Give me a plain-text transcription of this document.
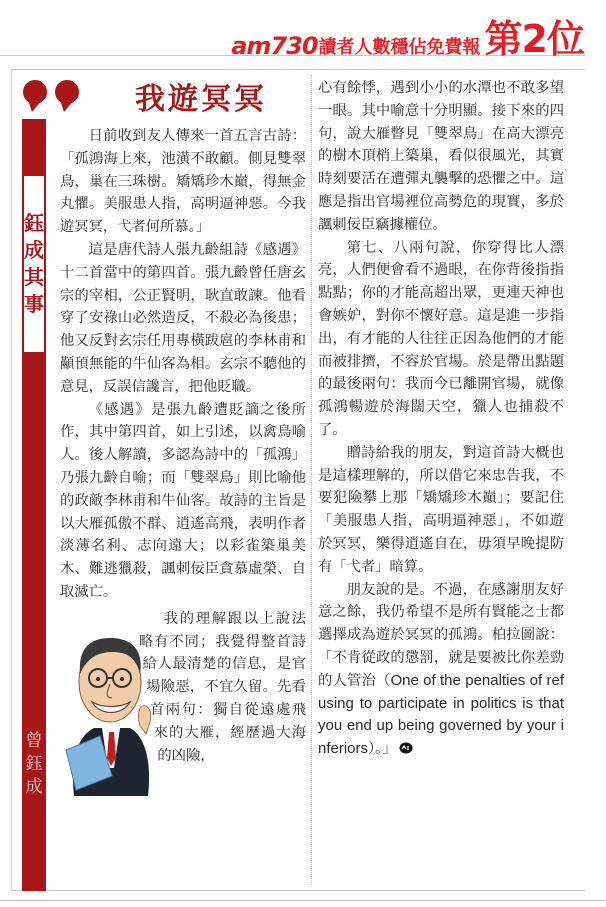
am730 讀者人數穩佔免費報 第2位
鈺
成
其
事
曾
鈺
成
我遊冥冥

日前收到友人傳來一首五言古詩：「孤鴻海上來，池潢不敢顧。側見雙翠鳥，巢在三珠樹。矯矯珍木巔，得無金丸懼。美服患人指，高明逼神惡。今我遊冥冥，弋者何所慕。」

這是唐代詩人張九齡組詩《感遇》十二首當中的第四首。張九齡曾任唐玄宗的宰相，公正賢明，耿直敢諫。他看穿了安祿山必然造反，不殺必為後患；他又反對玄宗任用專橫跋扈的李林甫和顢頇無能的牛仙客為相。玄宗不聽他的意見，反誤信讒言，把他貶職。

《感遇》是張九齡遭貶謫之後所作，其中第四首，如上引述，以禽鳥喻人。後人解讀，多認為詩中的「孤鴻」乃張九齡自喻；而「雙翠鳥」則比喻他的政敵李林甫和牛仙客。故詩的主旨是以大雁孤傲不群、逍遙高飛，表明作者淡薄名利、志向遠大；以彩雀築巢美木、難逃獵殺，諷刺佞臣貪慕虛榮、自取滅亡。

我的理解跟以上說法略有不同；我覺得整首詩給人最清楚的信息，是官場險惡，不宜久留。先看首兩句：獨自從遠處飛來的大雁，經歷過大海的凶險，

心有餘悸，遇到小小的水潭也不敢多望一眼。其中喻意十分明顯。接下來的四句，說大雁瞥見「雙翠鳥」在高大漂亮的樹木頂梢上築巢，看似很風光，其實時刻要活在遭彈丸襲擊的恐懼之中。這應是指出官場裡位高勢危的現實，多於諷刺佞臣竊據權位。

第七、八兩句說，你穿得比人漂亮，人們便會看不過眼，在你背後指指點點；你的才能高超出眾，更連天神也會嫉妒，對你不懷好意。這是進一步指出，有才能的人往往正因為他們的才能而被排擠，不容於官場。於是帶出點題的最後兩句：我而今已離開官場，就像孤鴻暢遊於海闊天空，獵人也捕殺不了。

贈詩給我的朋友，對這首詩大概也是這樣理解的，所以借它來忠告我，不要犯險攀上那「矯矯珍木巔」；要記住「美服患人指，高明逼神惡」，不如遊於冥冥，樂得逍遙自在，毋須早晚提防有「弋者」暗算。

朋友說的是。不過，在感謝朋友好意之餘，我仍希望不是所有賢能之士都選擇成為遊於冥冥的孤鴻。柏拉圖說：「不肯從政的懲罰，就是要被比你差勁的人管治（One of the penalties of refusing to participate in politics is that you end up being governed by your inferiors）。」
